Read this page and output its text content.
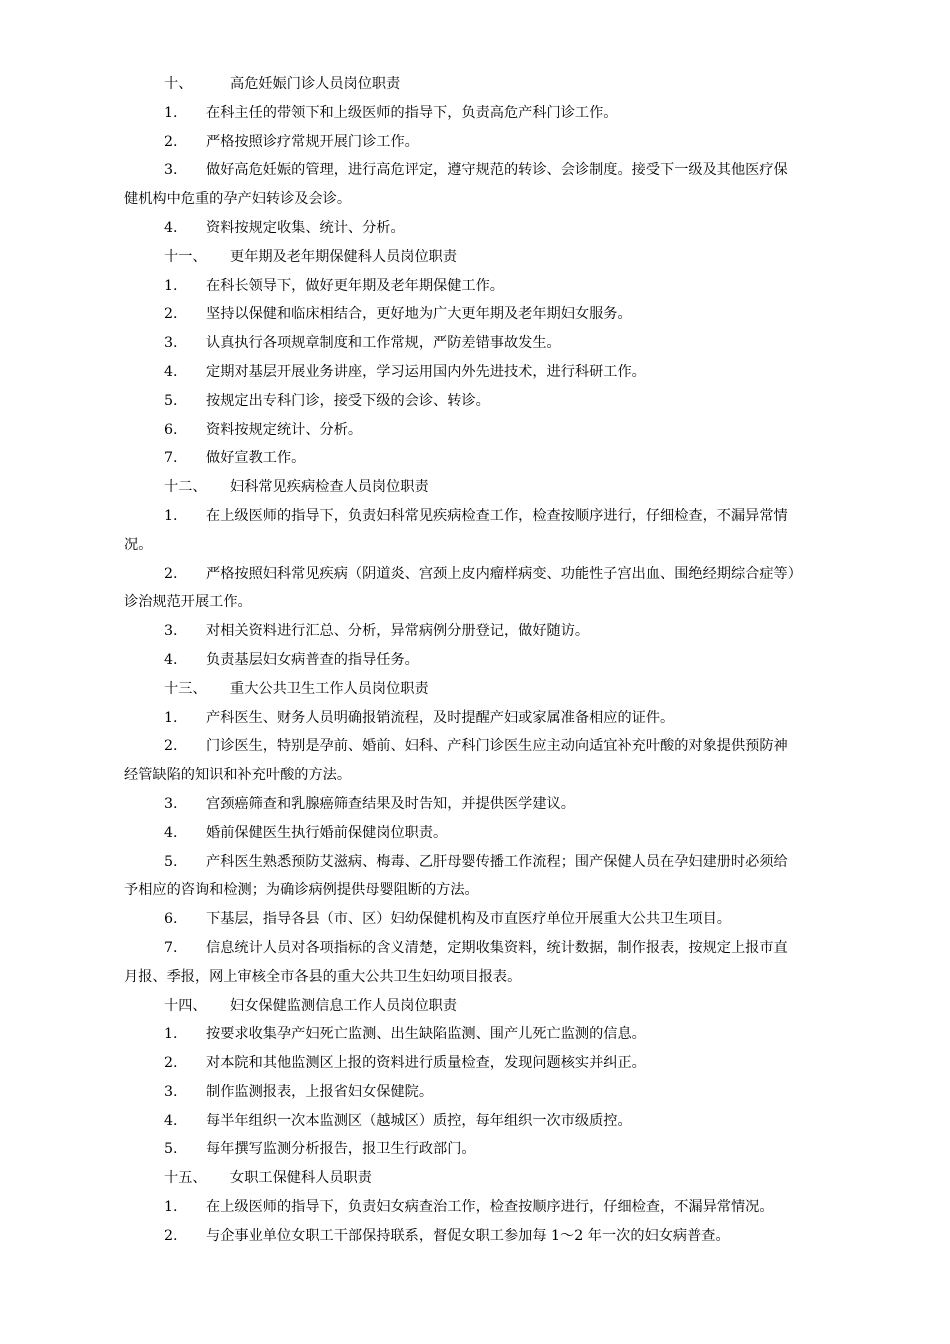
十、	高危妊娠门诊人员岗位职责
1. 在科主任的带领下和上级医师的指导下，负责高危产科门诊工作。
2. 严格按照诊疗常规开展门诊工作。
3. 做好高危妊娠的管理，进行高危评定，遵守规范的转诊、会诊制度。接受下一级及其他医疗保
健机构中危重的孕产妇转诊及会诊。
4. 资料按规定收集、统计、分析。
十一、 更年期及老年期保健科人员岗位职责
1. 在科长领导下，做好更年期及老年期保健工作。
2. 坚持以保健和临床相结合，更好地为广大更年期及老年期妇女服务。
3. 认真执行各项规章制度和工作常规，严防差错事故发生。
4. 定期对基层开展业务讲座，学习运用国内外先进技术，进行科研工作。
5. 按规定出专科门诊，接受下级的会诊、转诊。
6. 资料按规定统计、分析。
7. 做好宣教工作。
十二、 妇科常见疾病检查人员岗位职责
1. 在上级医师的指导下，负责妇科常见疾病检查工作，检查按顺序进行，仔细检查，不漏异常情
况。
2. 严格按照妇科常见疾病（阴道炎、宫颈上皮内瘤样病变、功能性子宫出血、围绝经期综合症等）
诊治规范开展工作。
3. 对相关资料进行汇总、分析，异常病例分册登记，做好随访。
4. 负责基层妇女病普查的指导任务。
十三、 重大公共卫生工作人员岗位职责
1. 产科医生、财务人员明确报销流程，及时提醒产妇或家属准备相应的证件。
2. 门诊医生，特别是孕前、婚前、妇科、产科门诊医生应主动向适宜补充叶酸的对象提供预防神
经管缺陷的知识和补充叶酸的方法。
3. 宫颈癌筛查和乳腺癌筛查结果及时告知，并提供医学建议。
4. 婚前保健医生执行婚前保健岗位职责。
5. 产科医生熟悉预防艾滋病、梅毒、乙肝母婴传播工作流程；围产保健人员在孕妇建册时必须给
予相应的咨询和检测；为确诊病例提供母婴阻断的方法。
6. 下基层，指导各县（市、区）妇幼保健机构及市直医疗单位开展重大公共卫生项目。
7. 信息统计人员对各项指标的含义清楚，定期收集资料，统计数据，制作报表，按规定上报市直
月报、季报，网上审核全市各县的重大公共卫生妇幼项目报表。
十四、 妇女保健监测信息工作人员岗位职责
1. 按要求收集孕产妇死亡监测、出生缺陷监测、围产儿死亡监测的信息。
2. 对本院和其他监测区上报的资料进行质量检查，发现问题核实并纠正。
3. 制作监测报表，上报省妇女保健院。
4. 每半年组织一次本监测区（越城区）质控，每年组织一次市级质控。
5. 每年撰写监测分析报告，报卫生行政部门。
十五、 女职工保健科人员职责
1. 在上级医师的指导下，负责妇女病查治工作，检查按顺序进行，仔细检查，不漏异常情况。
2. 与企事业单位女职工干部保持联系，督促女职工参加每 1～2 年一次的妇女病普查。
